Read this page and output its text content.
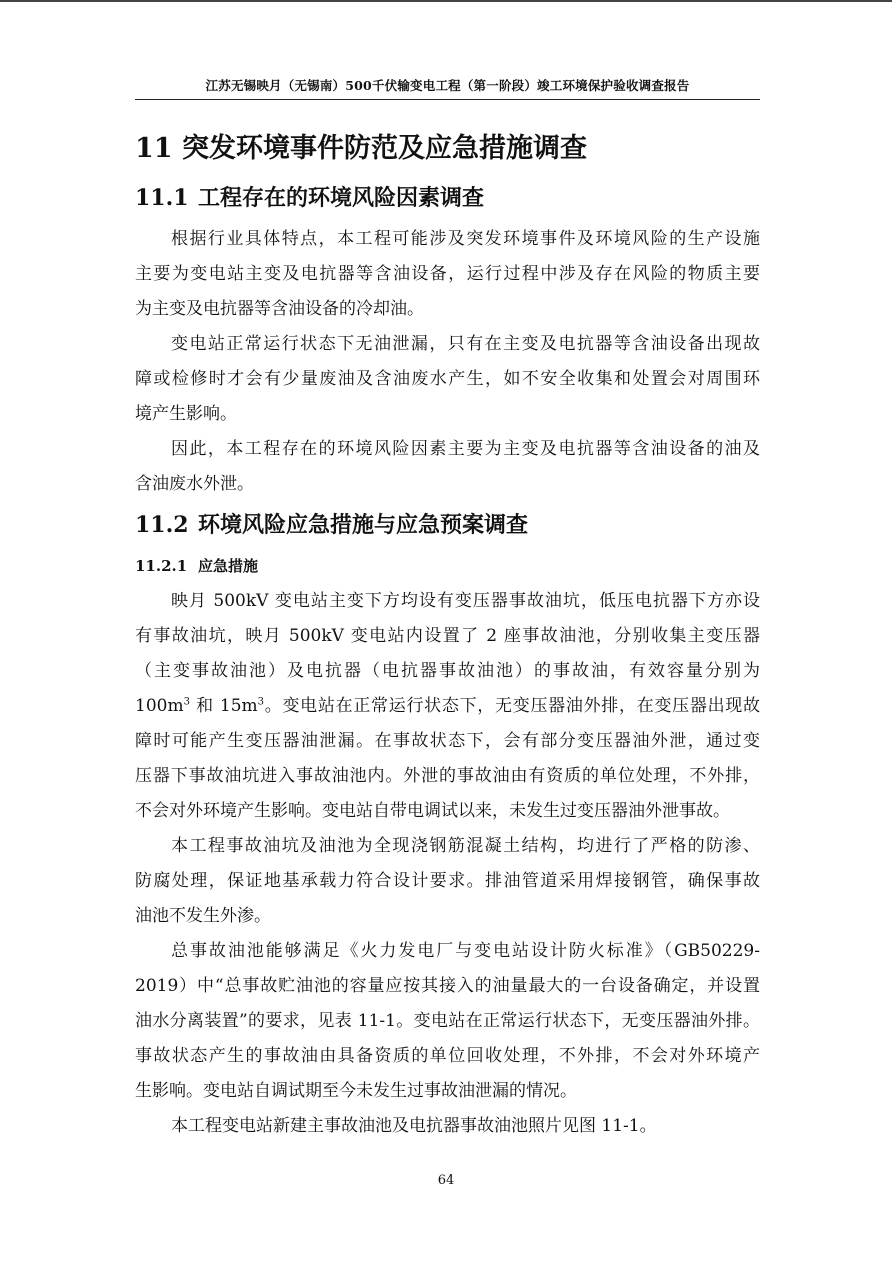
江苏无锡映月（无锡南）500千伏输变电工程（第一阶段）竣工环境保护验收调查报告
11 突发环境事件防范及应急措施调查
11.1 工程存在的环境风险因素调查
根据行业具体特点，本工程可能涉及突发环境事件及环境风险的生产设施
主要为变电站主变及电抗器等含油设备，运行过程中涉及存在风险的物质主要
为主变及电抗器等含油设备的冷却油。
变电站正常运行状态下无油泄漏，只有在主变及电抗器等含油设备出现故
障或检修时才会有少量废油及含油废水产生，如不安全收集和处置会对周围环
境产生影响。
因此，本工程存在的环境风险因素主要为主变及电抗器等含油设备的油及
含油废水外泄。
11.2 环境风险应急措施与应急预案调查
11.2.1 应急措施
映月 500kV 变电站主变下方均设有变压器事故油坑，低压电抗器下方亦设
有事故油坑，映月 500kV 变电站内设置了 2 座事故油池，分别收集主变压器
（主变事故油池）及电抗器（电抗器事故油池）的事故油，有效容量分别为
$100m^3$ 和 $15m^3$。变电站在正常运行状态下，无变压器油外排，在变压器出现故
障时可能产生变压器油泄漏。在事故状态下，会有部分变压器油外泄，通过变
压器下事故油坑进入事故油池内。外泄的事故油由有资质的单位处理，不外排，
不会对外环境产生影响。变电站自带电调试以来，未发生过变压器油外泄事故。
本工程事故油坑及油池为全现浇钢筋混凝土结构，均进行了严格的防渗、
防腐处理，保证地基承载力符合设计要求。排油管道采用焊接钢管，确保事故
油池不发生外渗。
总事故油池能够满足《火力发电厂与变电站设计防火标准》（GB50229-
2019）中“总事故贮油池的容量应按其接入的油量最大的一台设备确定，并设置
油水分离装置”的要求，见表 11-1。变电站在正常运行状态下，无变压器油外排。
事故状态产生的事故油由具备资质的单位回收处理，不外排，不会对外环境产
生影响。变电站自调试期至今未发生过事故油泄漏的情况。
本工程变电站新建主事故油池及电抗器事故油池照片见图 11-1。
64
